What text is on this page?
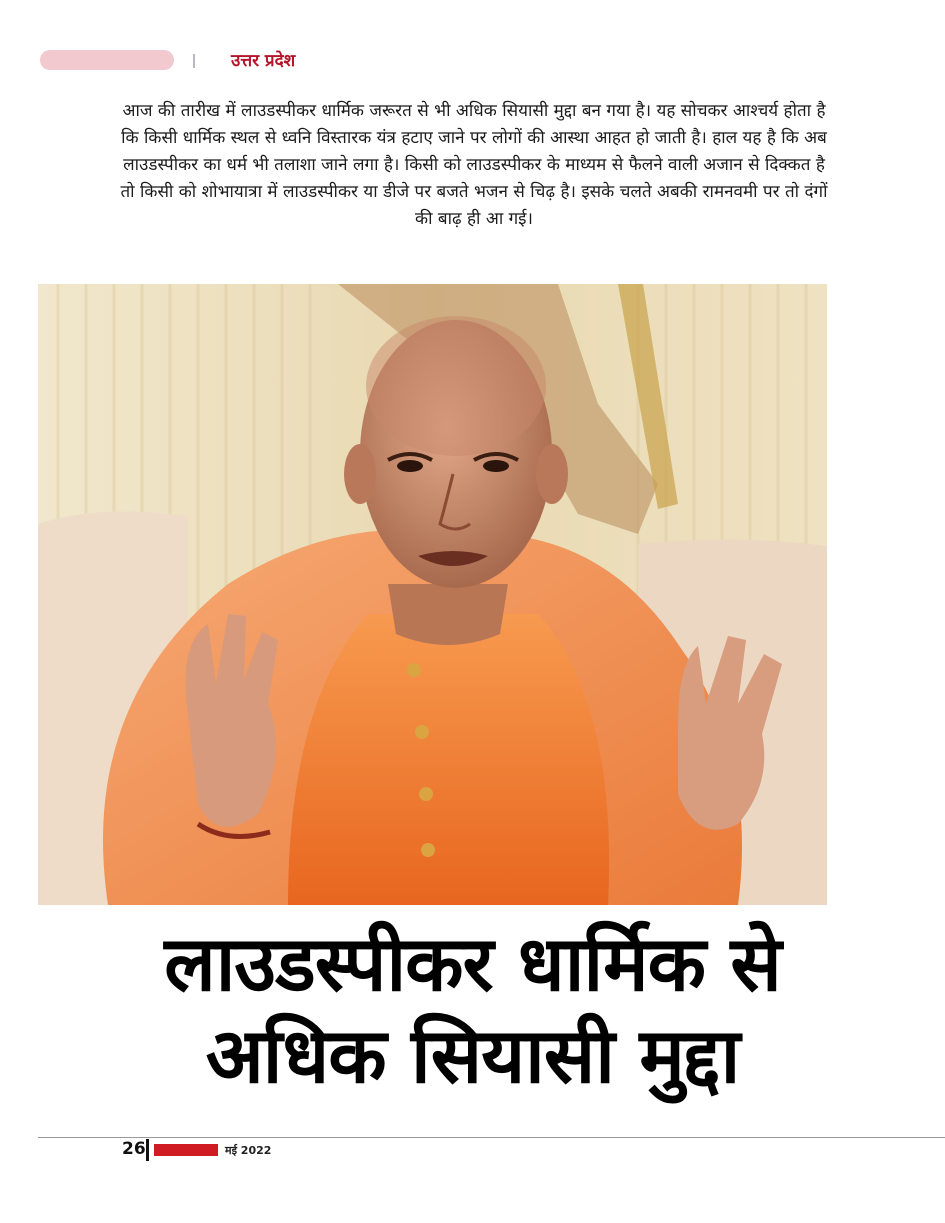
उत्तर प्रदेश
आज की तारीख में लाउडस्पीकर धार्मिक जरूरत से भी अधिक सियासी मुद्दा बन गया है। यह सोचकर आश्चर्य होता है कि किसी धार्मिक स्थल से ध्वनि विस्तारक यंत्र हटाए जाने पर लोगों की आस्था आहत हो जाती है। हाल यह है कि अब लाउडस्पीकर का धर्म भी तलाशा जाने लगा है। किसी को लाउडस्पीकर के माध्यम से फैलने वाली अजान से दिक्कत है तो किसी को शोभायात्रा में लाउडस्पीकर या डीजे पर बजते भजन से चिढ़ है। इसके चलते अबकी रामनवमी पर तो दंगों की बाढ़ ही आ गई।
लाउडस्पीकर धार्मिक से
अधिक सियासी मुद्दा
26	मई 2022
